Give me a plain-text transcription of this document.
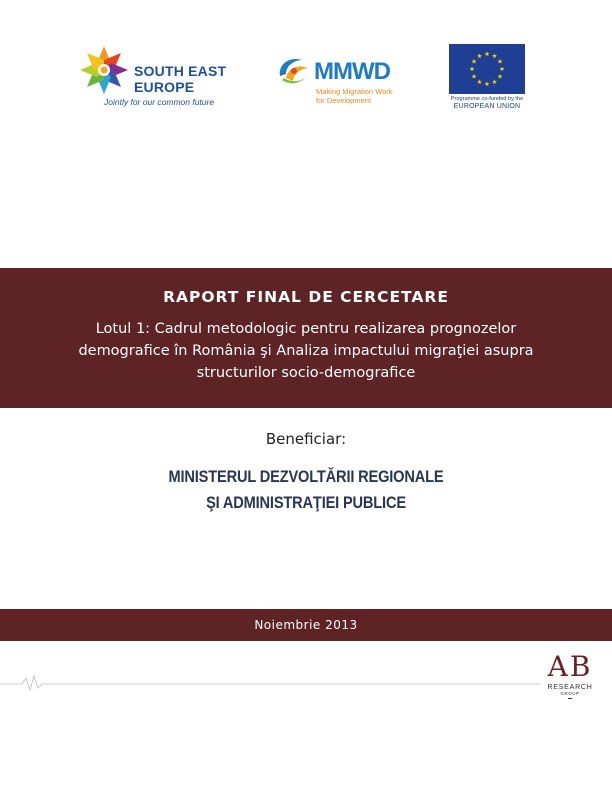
SOUTH EAST
EUROPE
Jointly for our common future
MMWD
Making Migration Work
for Development	Programme co-funded by the
EUROPEAN UNION
RAPORT FINAL DE CERCETARE
Lotul 1: Cadrul metodologic pentru realizarea prognozelor demografice în România şi Analiza impactului migraţiei asupra structurilor socio-demografice
Beneficiar:
MINISTERUL DEZVOLTĂRII REGIONALE
ŞI ADMINISTRAŢIEI PUBLICE
Noiembrie 2013
AB
RESEARCH
GROUP
